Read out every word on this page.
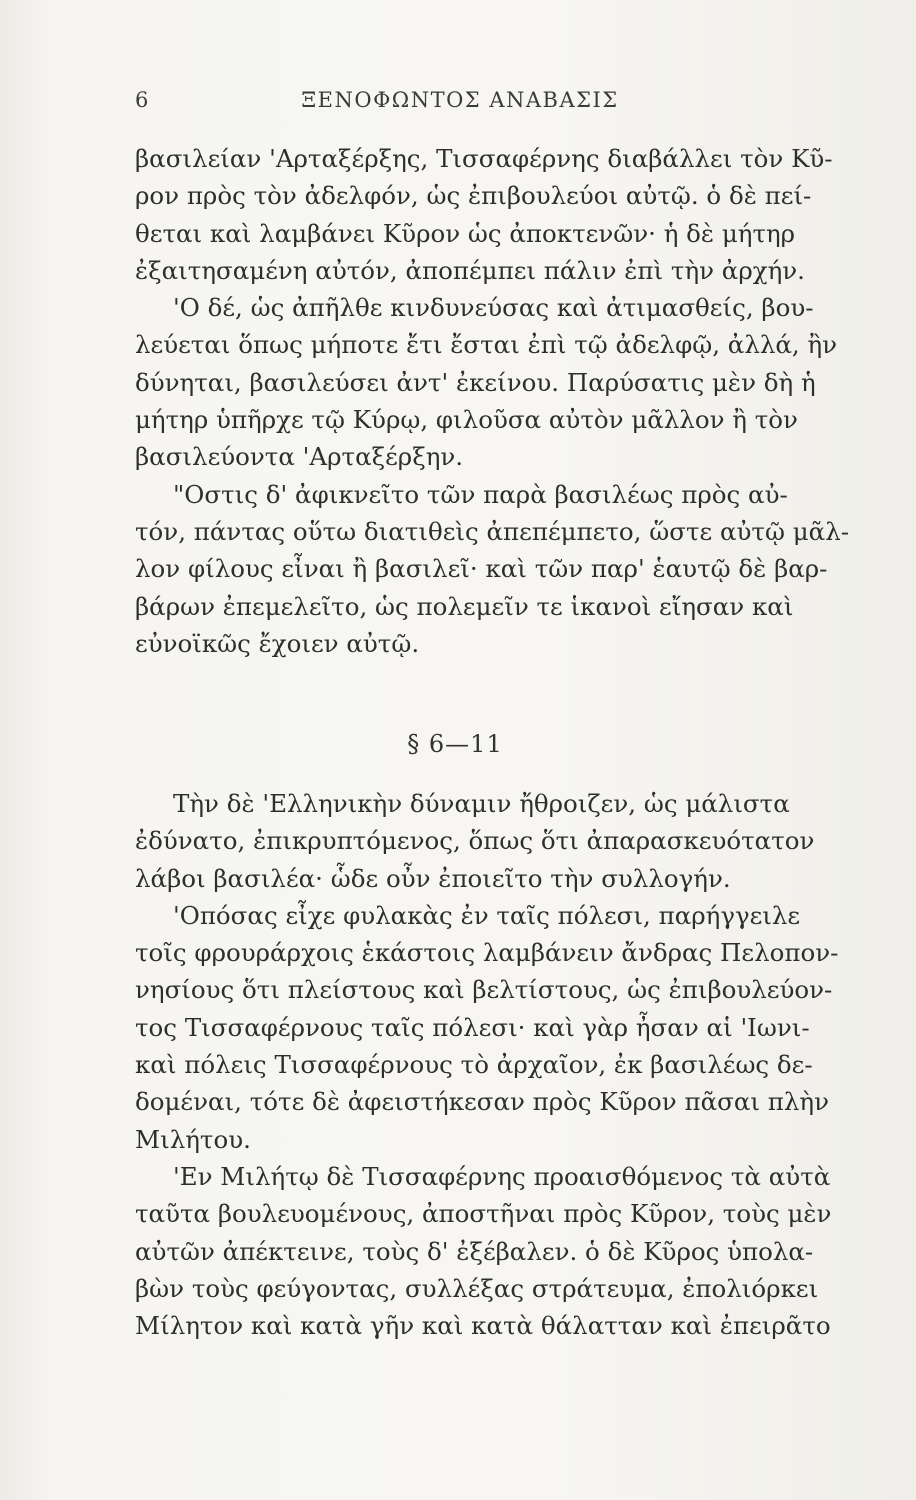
6	ΞΕΝΟΦΩΝΤΟΣ ΑΝΑΒΑΣΙΣ
βασιλείαν 'Αρταξέρξης, Τισσαφέρνης διαβάλλει τὸν Κῦ-
ρον πρὸς τὸν ἀδελφόν, ὡς ἐπιβουλεύοι αὐτῷ. ὁ δὲ πεί-
θεται καὶ λαμβάνει Κῦρον ὡς ἀποκτενῶν· ἡ δὲ μήτηρ
ἐξαιτησαμένη αὐτόν, ἀποπέμπει πάλιν ἐπὶ τὴν ἀρχήν.
'Ο δέ, ὡς ἀπῆλθε κινδυνεύσας καὶ ἀτιμασθείς, βου-
λεύεται ὅπως μήποτε ἔτι ἔσται ἐπὶ τῷ ἀδελφῷ, ἀλλά, ἢν
δύνηται, βασιλεύσει ἀντ' ἐκείνου. Παρύσατις μὲν δὴ ἡ
μήτηρ ὑπῆρχε τῷ Κύρῳ, φιλοῦσα αὐτὸν μᾶλλον ἢ τὸν
βασιλεύοντα 'Αρταξέρξην.
"Οστις δ' ἀφικνεῖτο τῶν παρὰ βασιλέως πρὸς αὐ-
τόν, πάντας οὕτω διατιθεὶς ἀπεπέμπετο, ὥστε αὐτῷ μᾶλ-
λον φίλους εἶναι ἢ βασιλεῖ· καὶ τῶν παρ' ἑαυτῷ δὲ βαρ-
βάρων ἐπεμελεῖτο, ὡς πολεμεῖν τε ἱκανοὶ εἴησαν καὶ
εὐνοϊκῶς ἔχοιεν αὐτῷ.
§ 6—11
Τὴν δὲ 'Ελληνικὴν δύναμιν ἤθροιζεν, ὡς μάλιστα
ἐδύνατο, ἐπικρυπτόμενος, ὅπως ὅτι ἀπαρασκευότατον
λάβοι βασιλέα· ὧδε οὖν ἐποιεῖτο τὴν συλλογήν.
'Οπόσας εἶχε φυλακὰς ἐν ταῖς πόλεσι, παρήγγειλε
τοῖς φρουράρχοις ἑκάστοις λαμβάνειν ἄνδρας Πελοπον-
νησίους ὅτι πλείστους καὶ βελτίστους, ὡς ἐπιβουλεύον-
τος Τισσαφέρνους ταῖς πόλεσι· καὶ γὰρ ἦσαν αἱ 'Ιωνι-
καὶ πόλεις Τισσαφέρνους τὸ ἀρχαῖον, ἐκ βασιλέως δε-
δομέναι, τότε δὲ ἀφειστήκεσαν πρὸς Κῦρον πᾶσαι πλὴν
Μιλήτου.
'Εν Μιλήτῳ δὲ Τισσαφέρνης προαισθόμενος τὰ αὐτὰ
ταῦτα βουλευομένους, ἀποστῆναι πρὸς Κῦρον, τοὺς μὲν
αὐτῶν ἀπέκτεινε, τοὺς δ' ἐξέβαλεν. ὁ δὲ Κῦρος ὑπολα-
βὼν τοὺς φεύγοντας, συλλέξας στράτευμα, ἐπολιόρκει
Μίλητον καὶ κατὰ γῆν καὶ κατὰ θάλατταν καὶ ἐπειρᾶτο
